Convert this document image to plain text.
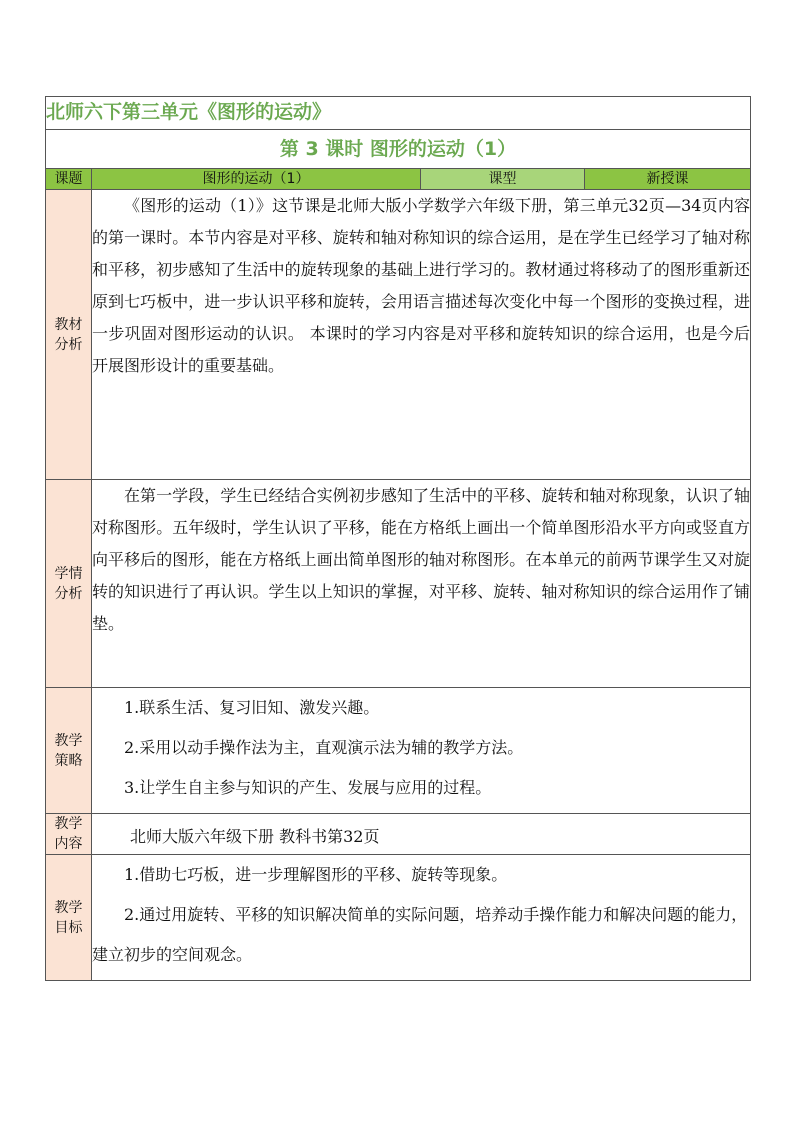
北师六下第三单元《图形的运动》			
第 3 课时 图形的运动（1）			
课题	图形的运动（1）	课型	新授课
教材分析	《图形的运动（1）》这节课是北师大版小学数学六年级下册，第三单元32页—34页内容的第一课时。本节内容是对平移、旋转和轴对称知识的综合运用，是在学生已经学习了轴对称和平移，初步感知了生活中的旋转现象的基础上进行学习的。教材通过将移动了的图形重新还原到七巧板中，进一步认识平移和旋转，会用语言描述每次变化中每一个图形的变换过程，进一步巩固对图形运动的认识。 本课时的学习内容是对平移和旋转知识的综合运用，也是今后开展图形设计的重要基础。		

学情分析	在第一学段，学生已经结合实例初步感知了生活中的平移、旋转和轴对称现象，认识了轴对称图形。五年级时，学生认识了平移，能在方格纸上画出一个简单图形沿水平方向或竖直方向平移后的图形，能在方格纸上画出简单图形的轴对称图形。在本单元的前两节课学生又对旋转的知识进行了再认识。学生以上知识的掌握，对平移、旋转、轴对称知识的综合运用作了铺垫。		

教学策略	1.联系生活、复习旧知、激发兴趣。

2.采用以动手操作法为主，直观演示法为辅的教学方法。

3.让学生自主参与知识的产生、发展与应用的过程。		

教学内容	北师大版六年级下册 教科书第32页		
教学目标	1.借助七巧板，进一步理解图形的平移、旋转等现象。

2.通过用旋转、平移的知识解决简单的实际问题，培养动手操作能力和解决问题的能力，建立初步的空间观念。		
